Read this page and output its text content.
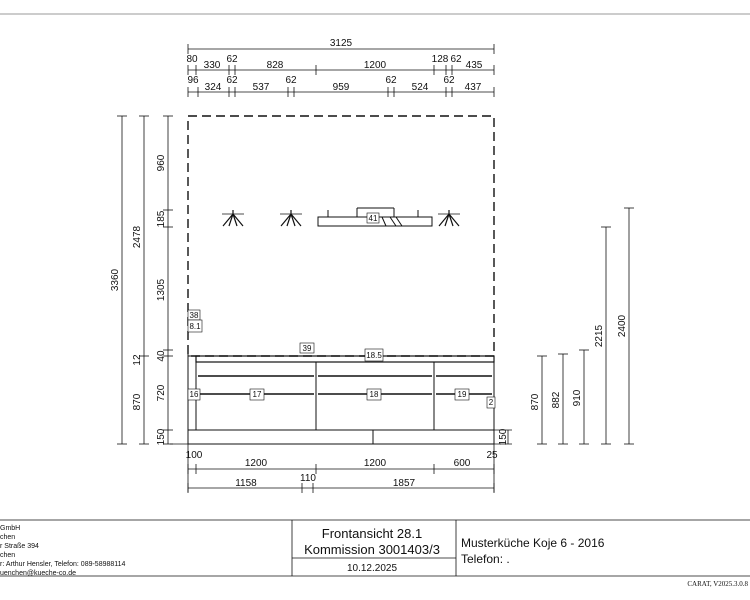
3125
80
330
62
828	1200
128 62
435
96
324
62
537
62
959
62
524
62
437
41
38
8.1
39
18.5
16	17	18	19
2
3360
2478
12
870
960
185
1305
40
720
150	150
870 882 910
2215 2400
100
1200	1200	600
25
110
1158	1857
GmbH
chen
r Straße 394
chen
r: Arthur Hensler, Telefon: 089-58988114
uenchen@kueche-co.de
Frontansicht 28.1
Kommission 3001403/3
10.12.2025
Musterküche Koje 6 - 2016
Telefon: .
CARAT, V2025.3.0.8
